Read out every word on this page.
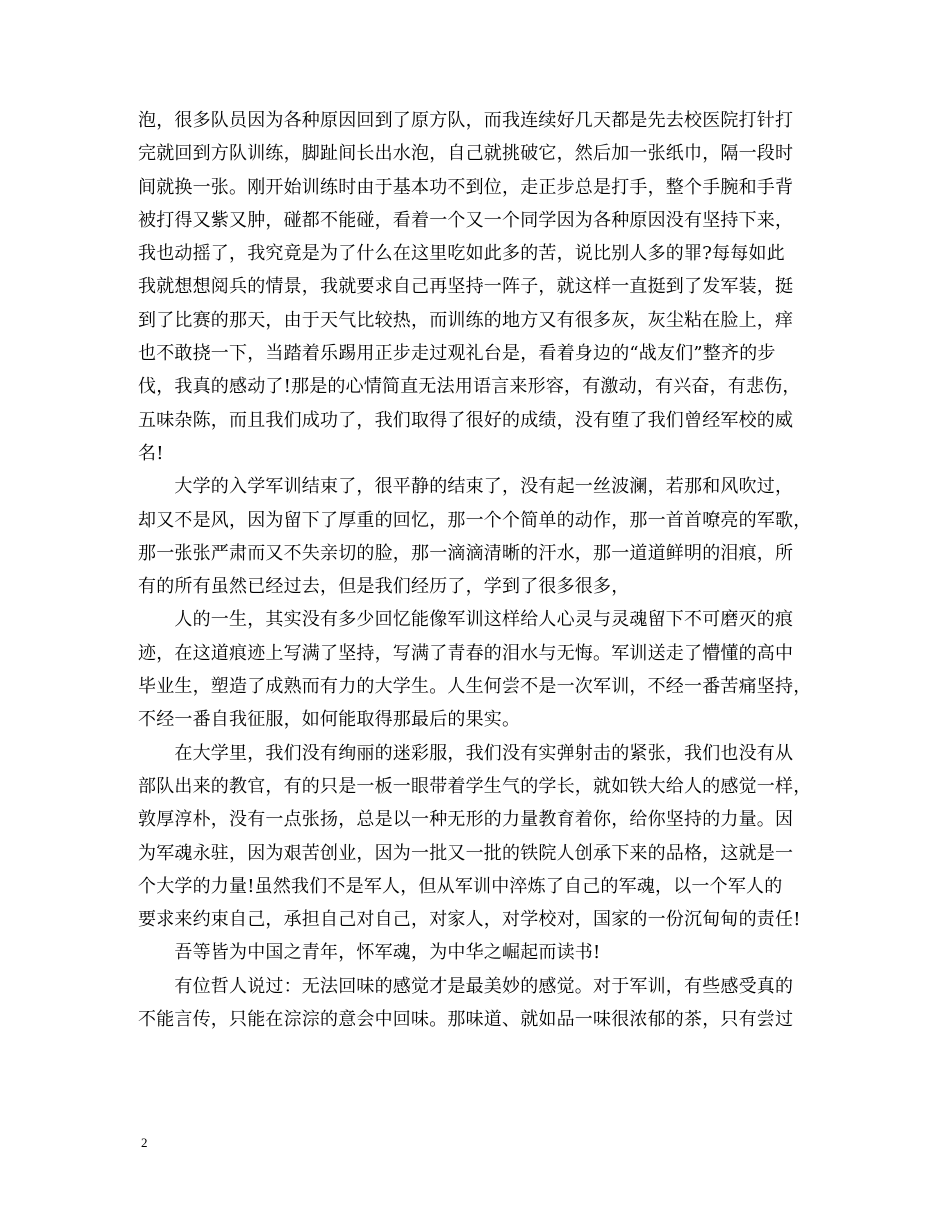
泡，很多队员因为各种原因回到了原方队，而我连续好几天都是先去校医院打针打
完就回到方队训练，脚趾间长出水泡，自己就挑破它，然后加一张纸巾，隔一段时
间就换一张。刚开始训练时由于基本功不到位，走正步总是打手，整个手腕和手背
被打得又紫又肿，碰都不能碰，看着一个又一个同学因为各种原因没有坚持下来，
我也动摇了，我究竟是为了什么在这里吃如此多的苦，说比别人多的罪?每每如此
我就想想阅兵的情景，我就要求自己再坚持一阵子，就这样一直挺到了发军装，挺
到了比赛的那天，由于天气比较热，而训练的地方又有很多灰，灰尘粘在脸上，痒
也不敢挠一下，当踏着乐踢用正步走过观礼台是，看着身边的“战友们”整齐的步
伐，我真的感动了!那是的心情简直无法用语言来形容，有激动，有兴奋，有悲伤，
五味杂陈，而且我们成功了，我们取得了很好的成绩，没有堕了我们曾经军校的威
名!
　　大学的入学军训结束了，很平静的结束了，没有起一丝波澜，若那和风吹过，
却又不是风，因为留下了厚重的回忆，那一个个简单的动作，那一首首嘹亮的军歌，
那一张张严肃而又不失亲切的脸，那一滴滴清晰的汗水，那一道道鲜明的泪痕，所
有的所有虽然已经过去，但是我们经历了，学到了很多很多，
　　人的一生，其实没有多少回忆能像军训这样给人心灵与灵魂留下不可磨灭的痕
迹，在这道痕迹上写满了坚持，写满了青春的泪水与无悔。军训送走了懵懂的高中
毕业生，塑造了成熟而有力的大学生。人生何尝不是一次军训，不经一番苦痛坚持，
不经一番自我征服，如何能取得那最后的果实。
　　在大学里，我们没有绚丽的迷彩服，我们没有实弹射击的紧张，我们也没有从
部队出来的教官，有的只是一板一眼带着学生气的学长，就如铁大给人的感觉一样，
敦厚淳朴，没有一点张扬，总是以一种无形的力量教育着你，给你坚持的力量。因
为军魂永驻，因为艰苦创业，因为一批又一批的铁院人创承下来的品格，这就是一
个大学的力量!虽然我们不是军人，但从军训中淬炼了自己的军魂，以一个军人的
要求来约束自己，承担自己对自己，对家人，对学校对，国家的一份沉甸甸的责任!
　　吾等皆为中国之青年，怀军魂，为中华之崛起而读书!
　　有位哲人说过：无法回味的感觉才是最美妙的感觉。对于军训，有些感受真的
不能言传，只能在淙淙的意会中回味。那味道、就如品一味很浓郁的茶，只有尝过
2
